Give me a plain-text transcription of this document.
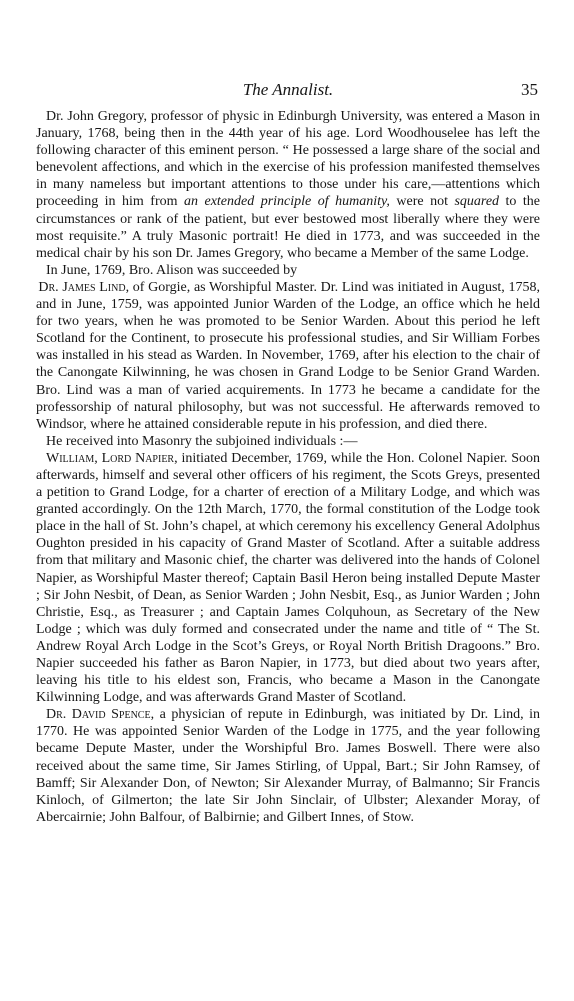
The Annalist.	35

Dr. John Gregory, professor of physic in Edinburgh University, was entered a Mason in January, 1768, being then in the 44th year of his age. Lord Woodhouselee has left the following character of this eminent person. “ He possessed a large share of the social and benevolent affections, and which in the exercise of his profession manifested themselves in many nameless but important attentions to those under his care,—attentions which proceeding in him from an extended principle of humanity, were not squared to the circumstances or rank of the patient, but ever bestowed most liberally where they were most requisite.” A truly Masonic portrait! He died in 1773, and was succeeded in the medical chair by his son Dr. James Gregory, who became a Member of the same Lodge.

In June, 1769, Bro. Alison was succeeded by

  Dr. James Lind, of Gorgie, as Worshipful Master. Dr. Lind was initiated in August, 1758, and in June, 1759, was appointed Junior Warden of the Lodge, an office which he held for two years, when he was promoted to be Senior Warden. About this period he left Scotland for the Continent, to prosecute his professional studies, and Sir William Forbes was installed in his stead as Warden. In November, 1769, after his election to the chair of the Canongate Kilwinning, he was chosen in Grand Lodge to be Senior Grand Warden. Bro. Lind was a man of varied acquirements. In 1773 he became a candidate for the professorship of natural philosophy, but was not successful. He afterwards removed to Windsor, where he attained considerable repute in his profession, and died there.

He received into Masonry the subjoined individuals :—

William, Lord Napier, initiated December, 1769, while the Hon. Colonel Napier. Soon afterwards, himself and several other officers of his regiment, the Scots Greys, presented a petition to Grand Lodge, for a charter of erection of a Military Lodge, and which was granted accordingly. On the 12th March, 1770, the formal constitution of the Lodge took place in the hall of St. John’s chapel, at which ceremony his excellency General Adolphus Oughton presided in his capacity of Grand Master of Scotland. After a suitable address from that military and Masonic chief, the charter was delivered into the hands of Colonel Napier, as Worshipful Master thereof; Captain Basil Heron being installed Depute Master ; Sir John Nesbit, of Dean, as Senior Warden ; John Nesbit, Esq., as Junior Warden ; John Christie, Esq., as Treasurer ; and Captain James Colquhoun, as Secretary of the New Lodge ; which was duly formed and consecrated under the name and title of “ The St. Andrew Royal Arch Lodge in the Scot’s Greys, or Royal North British Dragoons.” Bro. Napier succeeded his father as Baron Napier, in 1773, but died about two years after, leaving his title to his eldest son, Francis, who became a Mason in the Canongate Kilwinning Lodge, and was afterwards Grand Master of Scotland.

Dr. David Spence, a physician of repute in Edinburgh, was initiated by Dr. Lind, in 1770. He was appointed Senior Warden of the Lodge in 1775, and the year following became Depute Master, under the Worshipful Bro. James Boswell. There were also received about the same time, Sir James Stirling, of Uppal, Bart.; Sir John Ramsey, of Bamff; Sir Alexander Don, of Newton; Sir Alexander Murray, of Balmanno; Sir Francis Kinloch, of Gilmerton; the late Sir John Sinclair, of Ulbster; Alexander Moray, of Abercairnie; John Balfour, of Balbirnie; and Gilbert Innes, of Stow.
